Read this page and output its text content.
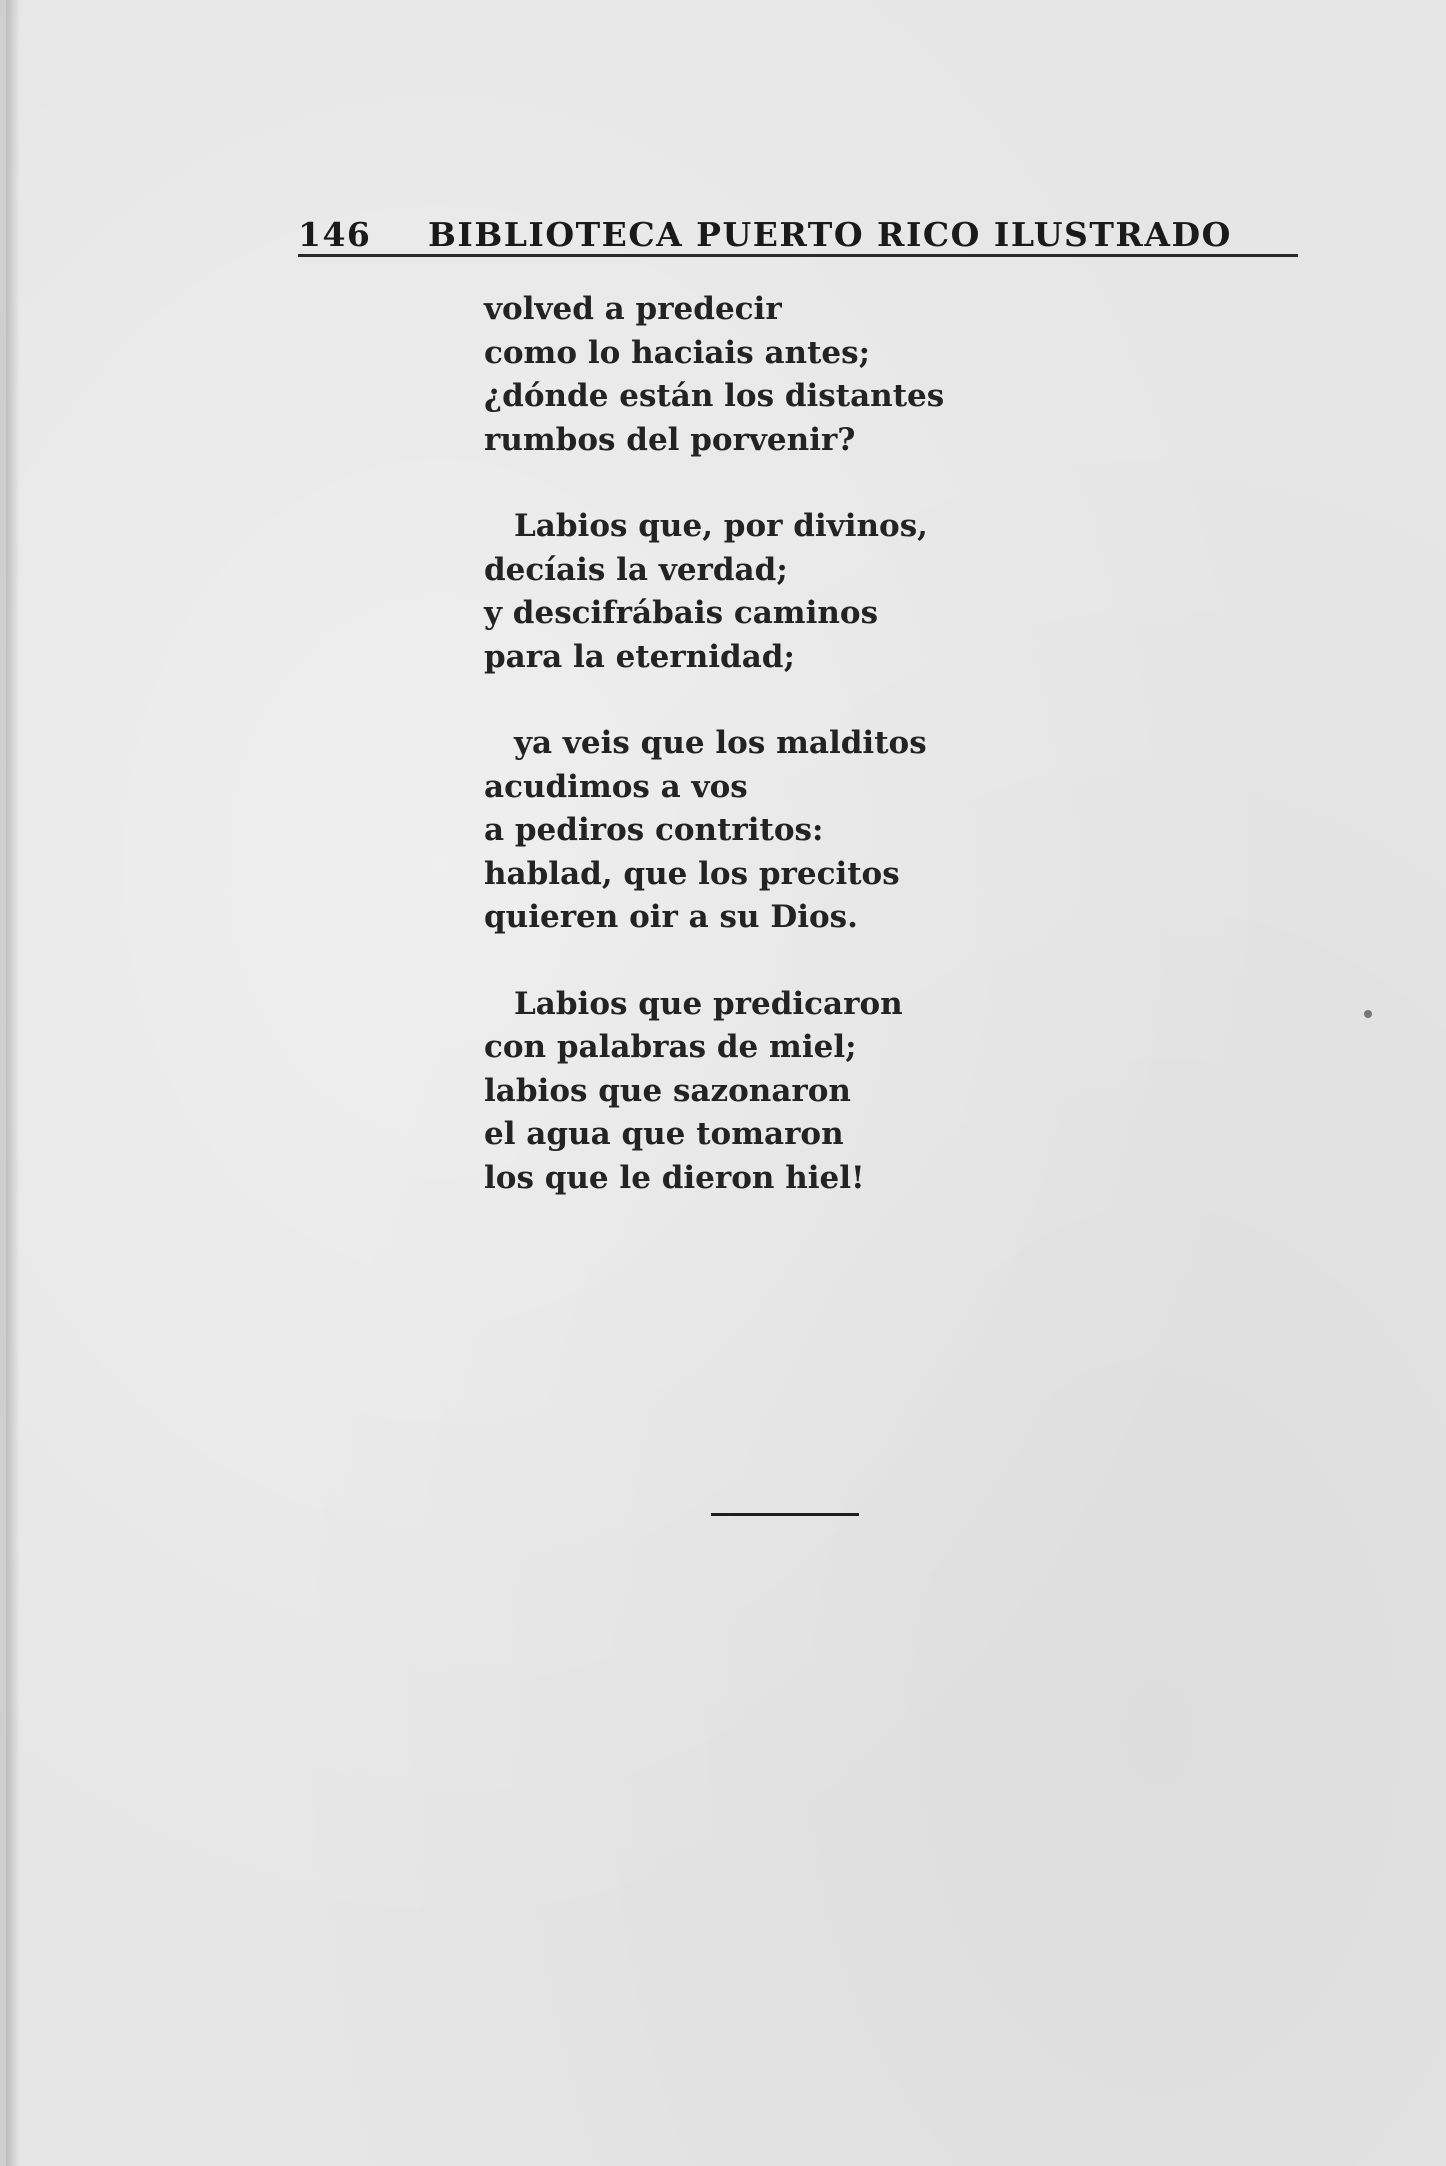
146	BIBLIOTECA PUERTO RICO ILUSTRADO
volved a predecir
como lo haciais antes;
¿dónde están los distantes
rumbos del porvenir?
Labios que, por divinos,
decíais la verdad;
y descifrábais caminos
para la eternidad;
ya veis que los malditos
acudimos a vos
a pediros contritos:
hablad, que los precitos
quieren oir a su Dios.
Labios que predicaron
con palabras de miel;
labios que sazonaron
el agua que tomaron
los que le dieron hiel!
